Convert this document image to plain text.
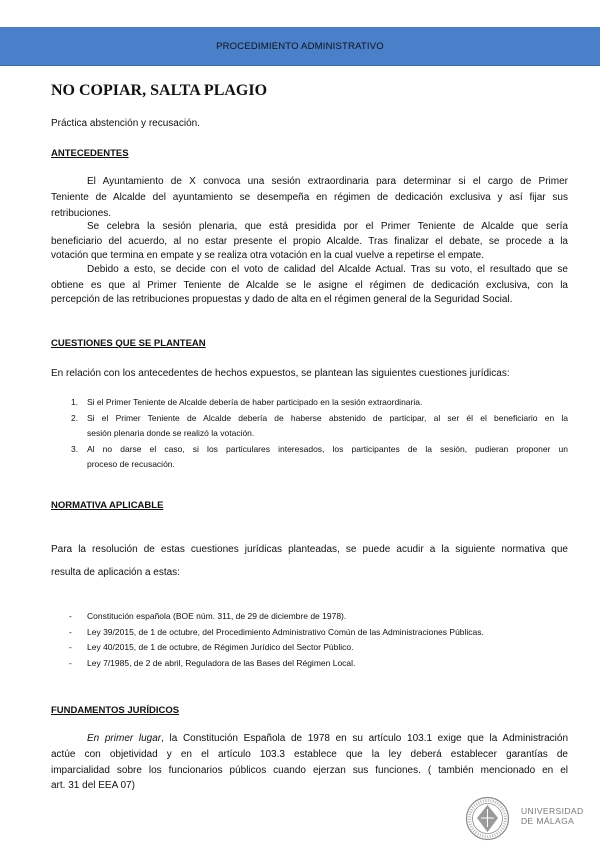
PROCEDIMIENTO ADMINISTRATIVO
NO COPIAR, SALTA PLAGIO
Práctica abstención y recusación.
ANTECEDENTES
El Ayuntamiento de X convoca una sesión extraordinaria para determinar si el cargo de Primer
Teniente de Alcalde del ayuntamiento se desempeña en régimen de dedicación exclusiva y así fijar sus
retribuciones.
Se celebra la sesión plenaria, que está presidida por el Primer Teniente de Alcalde que sería
beneficiario del acuerdo, al no estar presente el propio Alcalde. Tras finalizar el debate, se procede a la
votación que termina en empate y se realiza otra votación en la cual vuelve a repetirse el empate.
Debido a esto, se decide con el voto de calidad del Alcalde Actual. Tras su voto, el resultado que se
obtiene es que al Primer Teniente de Alcalde se le asigne el régimen de dedicación exclusiva, con la
percepción de las retribuciones propuestas y dado de alta en el régimen general de la Seguridad Social.
CUESTIONES QUE SE PLANTEAN
En relación con los antecedentes de hechos expuestos, se plantean las siguientes cuestiones jurídicas:
1. Si el Primer Teniente de Alcalde debería de haber participado en la sesión extraordinaria.
2. Si el Primer Teniente de Alcalde debería de haberse abstenido de participar, al ser él el beneficiario en la
sesión plenaria donde se realizó la votación.
3. Al no darse el caso, si los particulares interesados, los participantes de la sesión, pudieran proponer un
proceso de recusación.
NORMATIVA APLICABLE
Para la resolución de estas cuestiones jurídicas planteadas, se puede acudir a la siguiente normativa que
resulta de aplicación a estas:
- Constitución española (BOE núm. 311, de 29 de diciembre de 1978).
- Ley 39/2015, de 1 de octubre, del Procedimiento Administrativo Común de las Administraciones Públicas.
- Ley 40/2015, de 1 de octubre, de Régimen Jurídico del Sector Público.
- Ley 7/1985, de 2 de abril, Reguladora de las Bases del Régimen Local.
FUNDAMENTOS JURÍDICOS
En primer lugar, la Constitución Española de 1978 en su artículo 103.1 exige que la Administración
actúe con objetividad y en el artículo 103.3 establece que la ley deberá establecer garantías de
imparcialidad sobre los funcionarios públicos cuando ejerzan sus funciones. ( también mencionado en el
art. 31 del EEA 07)
UNIVERSIDAD
DE MÁLAGA
